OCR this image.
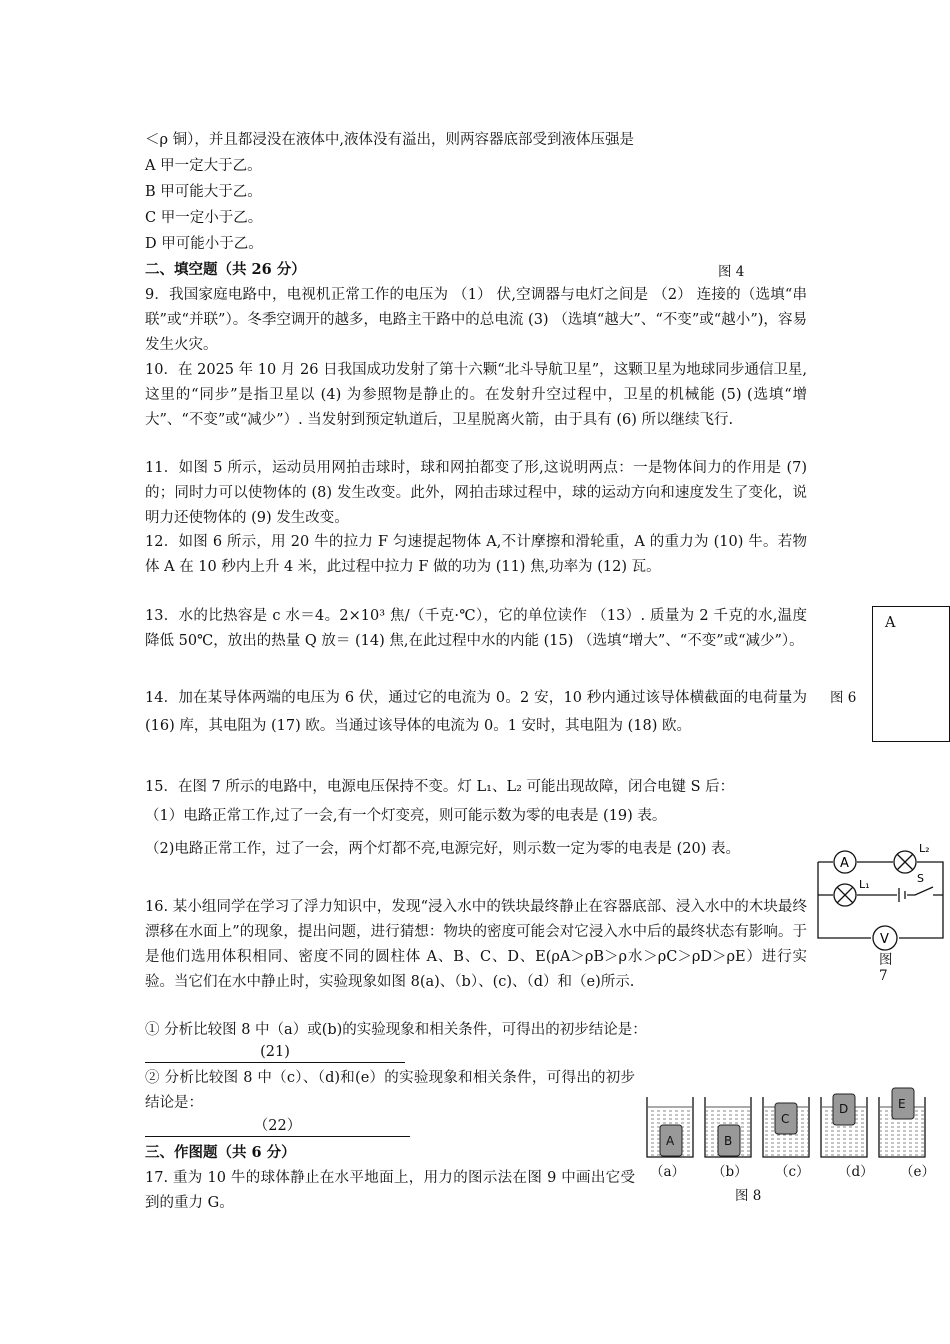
＜ρ 铜），并且都浸没在液体中,液体没有溢出，则两容器底部受到液体压强是
A 甲一定大于乙。
B 甲可能大于乙。
C 甲一定小于乙。
D 甲可能小于乙。
二、填空题（共 26 分）	图 4
9．我国家庭电路中，电视机正常工作的电压为 （1） 伏,空调器与电灯之间是 （2） 连接的（选填“串联”或“并联”）。冬季空调开的越多，电路主干路中的总电流 (3) （选填“越大”、“不变”或“越小”)，容易发生火灾。
10．在 2025 年 10 月 26 日我国成功发射了第十六颗“北斗导航卫星”，这颗卫星为地球同步通信卫星,这里的“同步”是指卫星以 (4) 为参照物是静止的。在发射升空过程中，卫星的机械能 (5) (选填“增大”、“不变”或“减少”）. 当发射到预定轨道后，卫星脱离火箭，由于具有 (6) 所以继续飞行.
11．如图 5 所示，运动员用网拍击球时，球和网拍都变了形,这说明两点：一是物体间力的作用是 (7) 的；同时力可以使物体的 (8) 发生改变。此外，网拍击球过程中，球的运动方向和速度发生了变化，说明力还使物体的 (9) 发生改变。
12．如图 6 所示，用 20 牛的拉力 F 匀速提起物体 A,不计摩擦和滑轮重，A 的重力为 (10) 牛。若物体 A 在 10 秒内上升 4 米，此过程中拉力 F 做的功为 (11) 焦,功率为 (12) 瓦。
13．水的比热容是 c 水＝4。2×10³ 焦/（千克·℃），它的单位读作 （13）. 质量为 2 千克的水,温度降低 50℃，放出的热量 Q 放＝ (14) 焦,在此过程中水的内能 (15) （选填“增大”、“不变”或“减少”）。
14．加在某导体两端的电压为 6 伏，通过它的电流为 0。2 安，10 秒内通过该导体横截面的电荷量为 (16) 库，其电阻为 (17) 欧。当通过该导体的电流为 0。1 安时，其电阻为 (18) 欧。
15．在图 7 所示的电路中，电源电压保持不变。灯 L₁、L₂ 可能出现故障，闭合电键 S 后：
（1）电路正常工作,过了一会,有一个灯变亮，则可能示数为零的电表是 (19) 表。
（2)电路正常工作，过了一会，两个灯都不亮,电源完好，则示数一定为零的电表是 (20) 表。
16. 某小组同学在学习了浮力知识中，发现“浸入水中的铁块最终静止在容器底部、浸入水中的木块最终漂移在水面上”的现象，提出问题，进行猜想：物块的密度可能会对它浸入水中后的最终状态有影响。于是他们选用体积相同、密度不同的圆柱体 A、B、C、D、E(ρA＞ρB＞ρ水＞ρC＞ρD＞ρE）进行实验。当它们在水中静止时，实验现象如图 8(a)、（b）、(c)、（d）和（e)所示.
① 分析比较图 8 中（a）或(b)的实验现象和相关条件，可得出的初步结论是：
(21)
② 分析比较图 8 中（c）、（d)和(e）的实验现象和相关条件，可得出的初步结论是：
（22）
三、作图题（共 6 分）
17. 重为 10 牛的球体静止在水平地面上，用力的图示法在图 9 中画出它受到的重力 G。
A
图 6
A
V
L₂
L₁	S
图 7
A	B
C
D	E
（a） （b） （c） （d） （e）
图 8
